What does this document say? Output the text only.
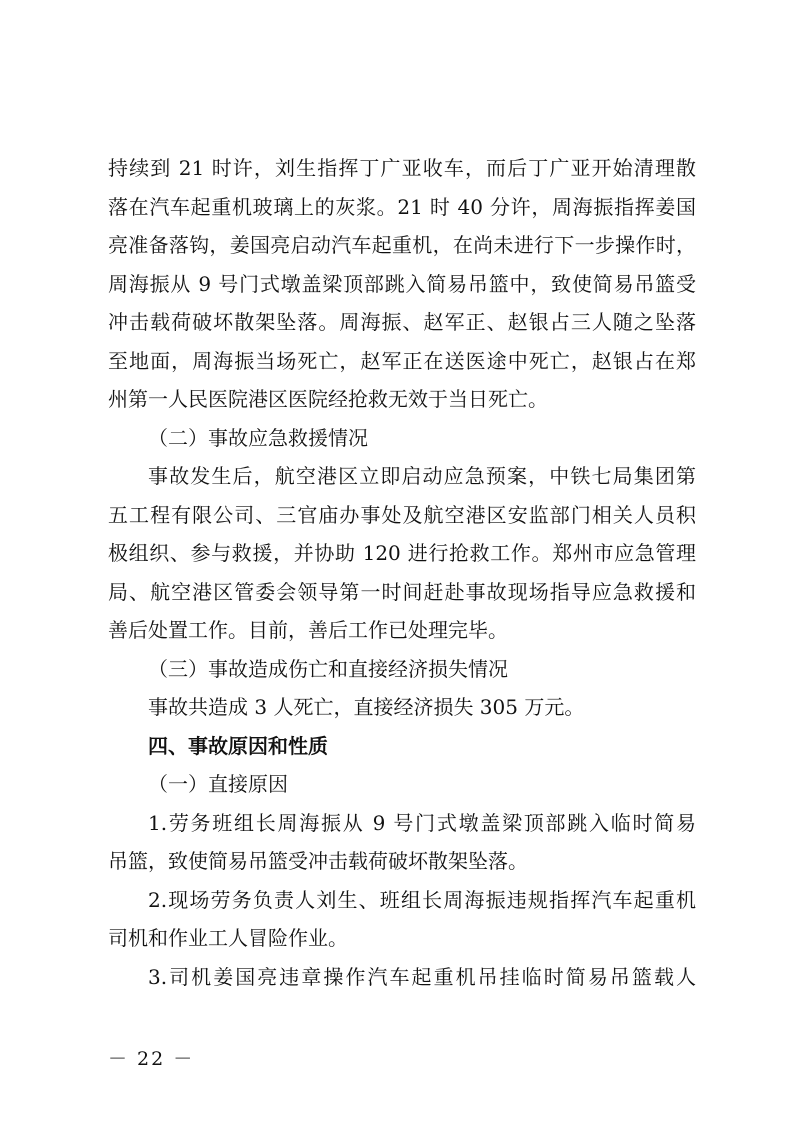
持续到 21 时许，刘生指挥丁广亚收车，而后丁广亚开始清理散
落在汽车起重机玻璃上的灰浆。21 时 40 分许，周海振指挥姜国
亮准备落钩，姜国亮启动汽车起重机，在尚未进行下一步操作时，
周海振从 9 号门式墩盖梁顶部跳入简易吊篮中，致使简易吊篮受
冲击载荷破坏散架坠落。周海振、赵军正、赵银占三人随之坠落
至地面，周海振当场死亡，赵军正在送医途中死亡，赵银占在郑
州第一人民医院港区医院经抢救无效于当日死亡。
（二）事故应急救援情况
事故发生后，航空港区立即启动应急预案，中铁七局集团第
五工程有限公司、三官庙办事处及航空港区安监部门相关人员积
极组织、参与救援，并协助 120 进行抢救工作。郑州市应急管理
局、航空港区管委会领导第一时间赶赴事故现场指导应急救援和
善后处置工作。目前，善后工作已处理完毕。
（三）事故造成伤亡和直接经济损失情况
事故共造成 3 人死亡，直接经济损失 305 万元。
四、事故原因和性质
（一）直接原因
1.劳务班组长周海振从 9 号门式墩盖梁顶部跳入临时简易
吊篮，致使简易吊篮受冲击载荷破坏散架坠落。
2.现场劳务负责人刘生、班组长周海振违规指挥汽车起重机
司机和作业工人冒险作业。
3.司机姜国亮违章操作汽车起重机吊挂临时简易吊篮载人
－ 22 －
